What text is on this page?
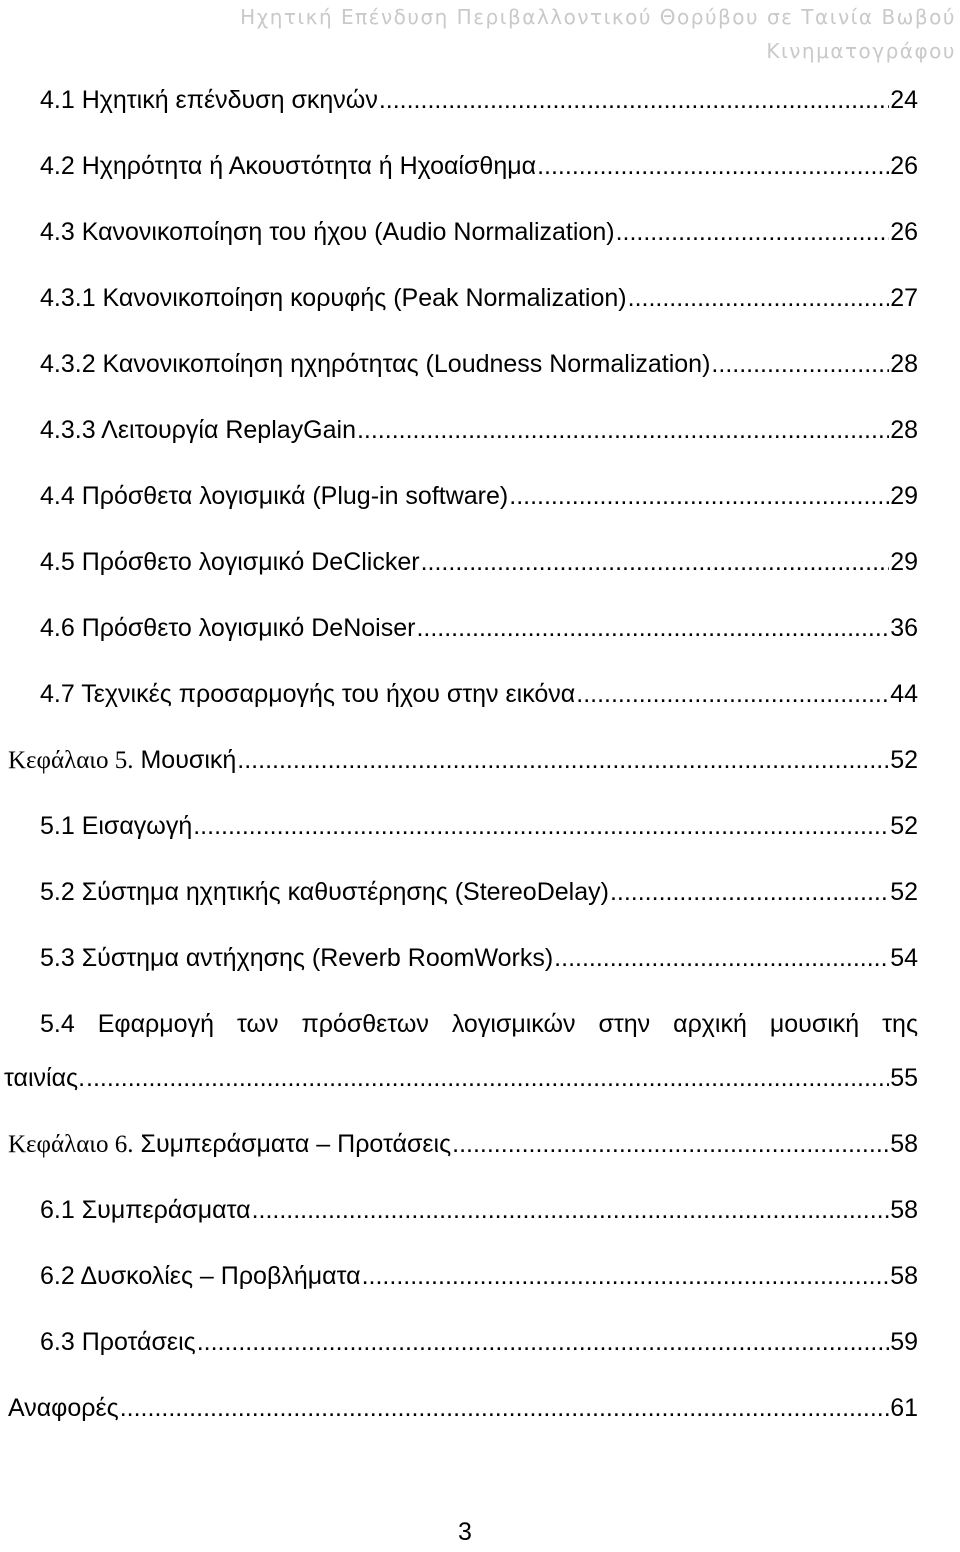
Ηχητική Επένδυση Περιβαλλοντικού Θορύβου σε Ταινία Βωβού
Κινηματογράφου
4.1 Ηχητική επένδυση σκηνών .....	24
4.2 Ηχηρότητα ή Ακουστότητα ή Ηχοαίσθημα .....	26
4.3 Κανονικοποίηση του ήχου (Audio Normalization) .....	26
4.3.1 Κανονικοποίηση κορυφής (Peak Normalization) .....	27
4.3.2 Κανονικοποίηση ηχηρότητας (Loudness Normalization) .....	28
4.3.3 Λειτουργία ReplayGain .....	28
4.4 Πρόσθετα λογισμικά (Plug-in software) .....	29
4.5 Πρόσθετο λογισμικό DeClicker .....	29
4.6 Πρόσθετο λογισμικό DeNoiser .....	36
4.7 Τεχνικές προσαρμογής του ήχου στην εικόνα .....	44
Κεφάλαιο 5. Μουσική .....	52
5.1 Εισαγωγή .....	52
5.2 Σύστημα ηχητικής καθυστέρησης (StereoDelay) .....	52
5.3 Σύστημα αντήχησης (Reverb RoomWorks) .....	54
5.4 Εφαρμογή των πρόσθετων λογισμικών στην αρχική μουσική της
ταινίας. .....	55
Κεφάλαιο 6. Συμπεράσματα – Προτάσεις .....	58
6.1 Συμπεράσματα .....	58
6.2 Δυσκολίες – Προβλήματα .....	58
6.3 Προτάσεις .....	59
Αναφορές .....	61
3
